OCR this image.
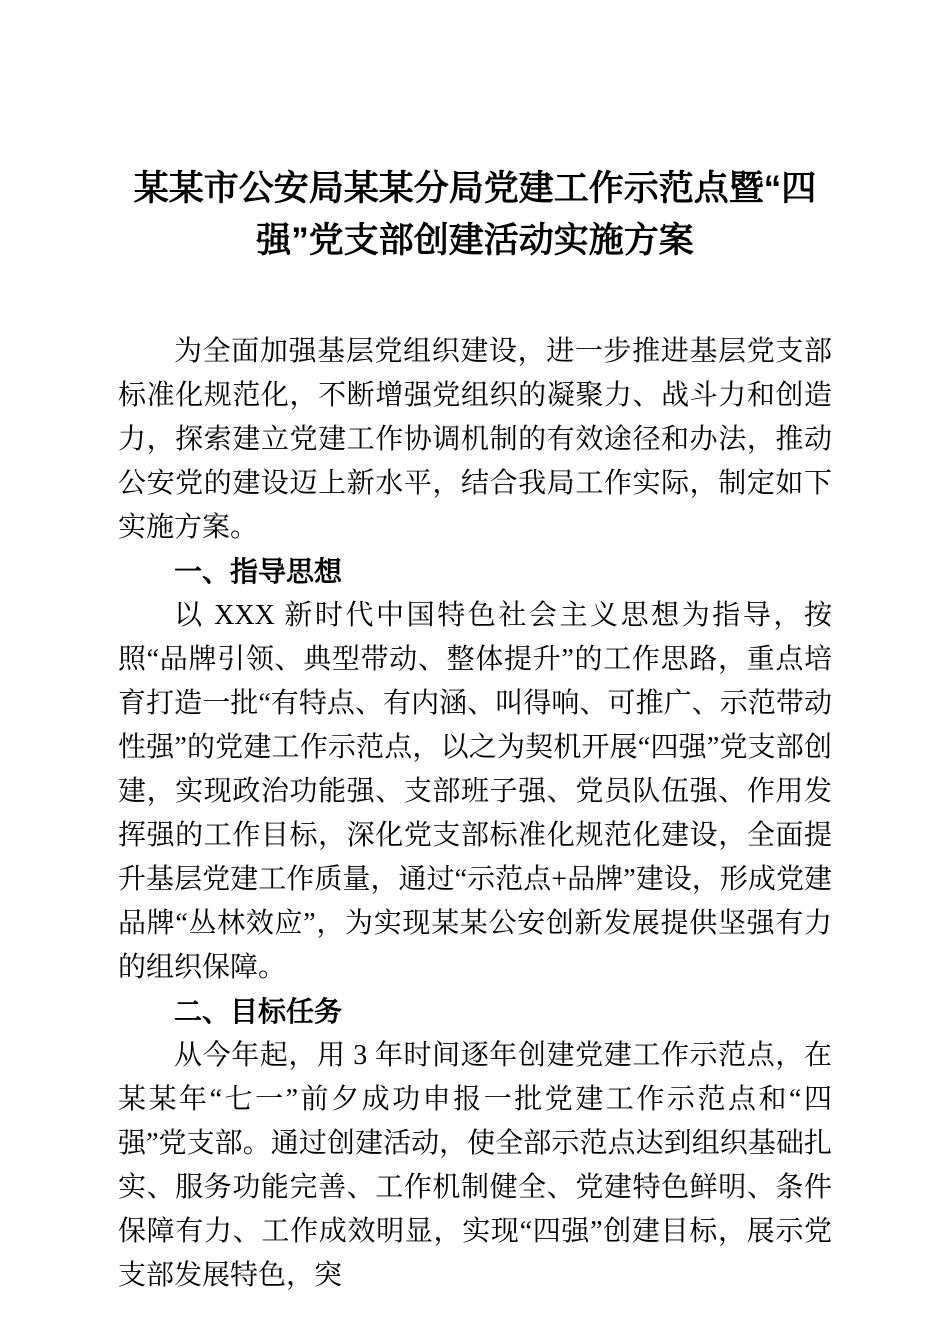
某某市公安局某某分局党建工作示范点暨“四强”党支部创建活动实施方案

为全面加强基层党组织建设，进一步推进基层党支部标准化规范化，不断增强党组织的凝聚力、战斗力和创造力，探索建立党建工作协调机制的有效途径和办法，推动公安党的建设迈上新水平，结合我局工作实际，制定如下实施方案。

一、指导思想

以 XXX 新时代中国特色社会主义思想为指导，按照“品牌引领、典型带动、整体提升”的工作思路，重点培育打造一批“有特点、有内涵、叫得响、可推广、示范带动性强”的党建工作示范点，以之为契机开展“四强”党支部创建，实现政治功能强、支部班子强、党员队伍强、作用发挥强的工作目标，深化党支部标准化规范化建设，全面提升基层党建工作质量，通过“示范点+品牌”建设，形成党建品牌“丛林效应”，为实现某某公安创新发展提供坚强有力的组织保障。

二、目标任务

从今年起，用 3 年时间逐年创建党建工作示范点，在某某年“七一”前夕成功申报一批党建工作示范点和“四强”党支部。通过创建活动，使全部示范点达到组织基础扎实、服务功能完善、工作机制健全、党建特色鲜明、条件保障有力、工作成效明显，实现“四强”创建目标，展示党支部发展特色，突
